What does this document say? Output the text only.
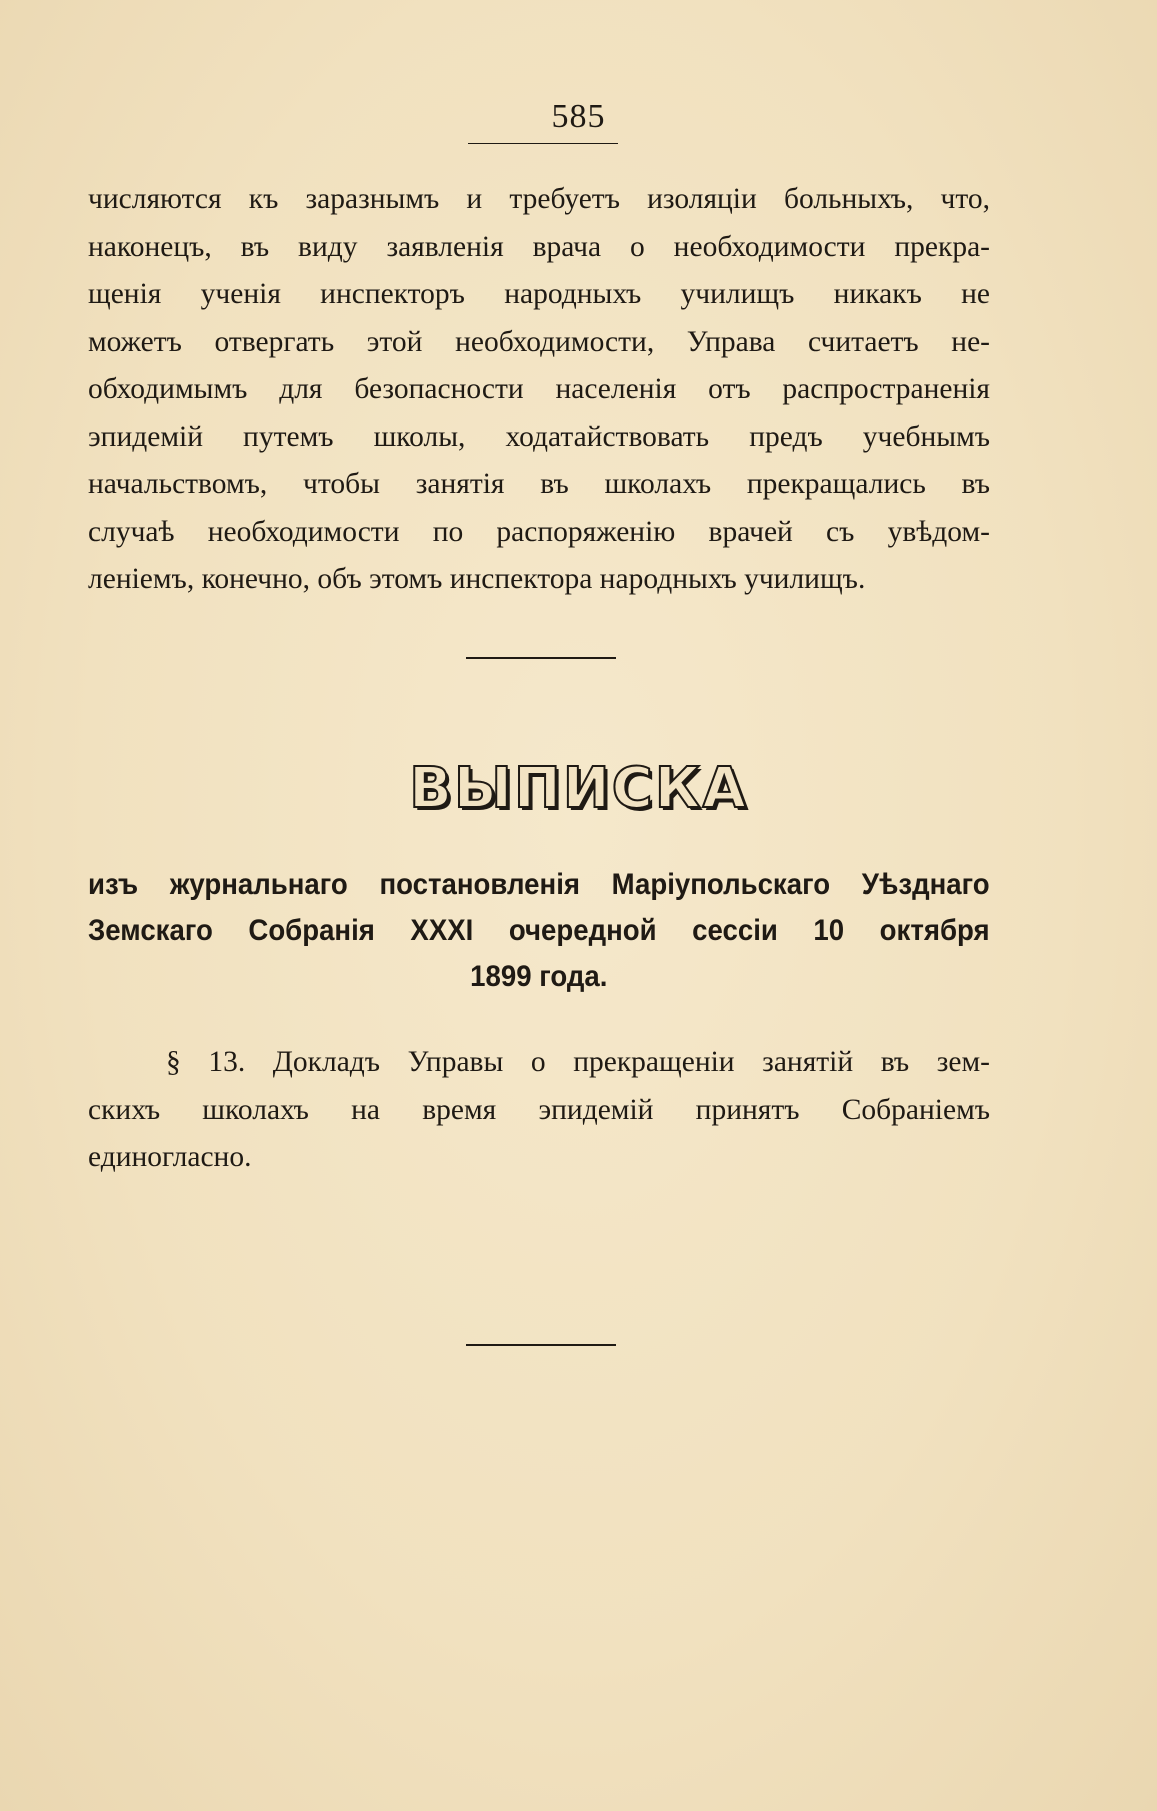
585
числяются къ заразнымъ и требуетъ изоляціи больныхъ, что,
наконецъ, въ виду заявленія врача о необходимости прекра-
щенія ученія инспекторъ народныхъ училищъ никакъ не
можетъ отвергать этой необходимости, Управа считаетъ не-
обходимымъ для безопасности населенія отъ распространенія
эпидемій путемъ школы, ходатайствовать предъ учебнымъ
начальствомъ, чтобы занятія въ школахъ прекращались въ
случаѣ необходимости по распоряженію врачей съ увѣдом-
леніемъ, конечно, объ этомъ инспектора народныхъ училищъ.
ВЫПИСКА
изъ журнальнаго постановленія Маріупольскаго Уѣзднаго
Земскаго Собранія XXXI очередной сессіи 10 октября
1899 года.
§ 13. Докладъ Управы о прекращеніи занятій въ зем-
скихъ школахъ на время эпидемій принятъ Собраніемъ
единогласно.
